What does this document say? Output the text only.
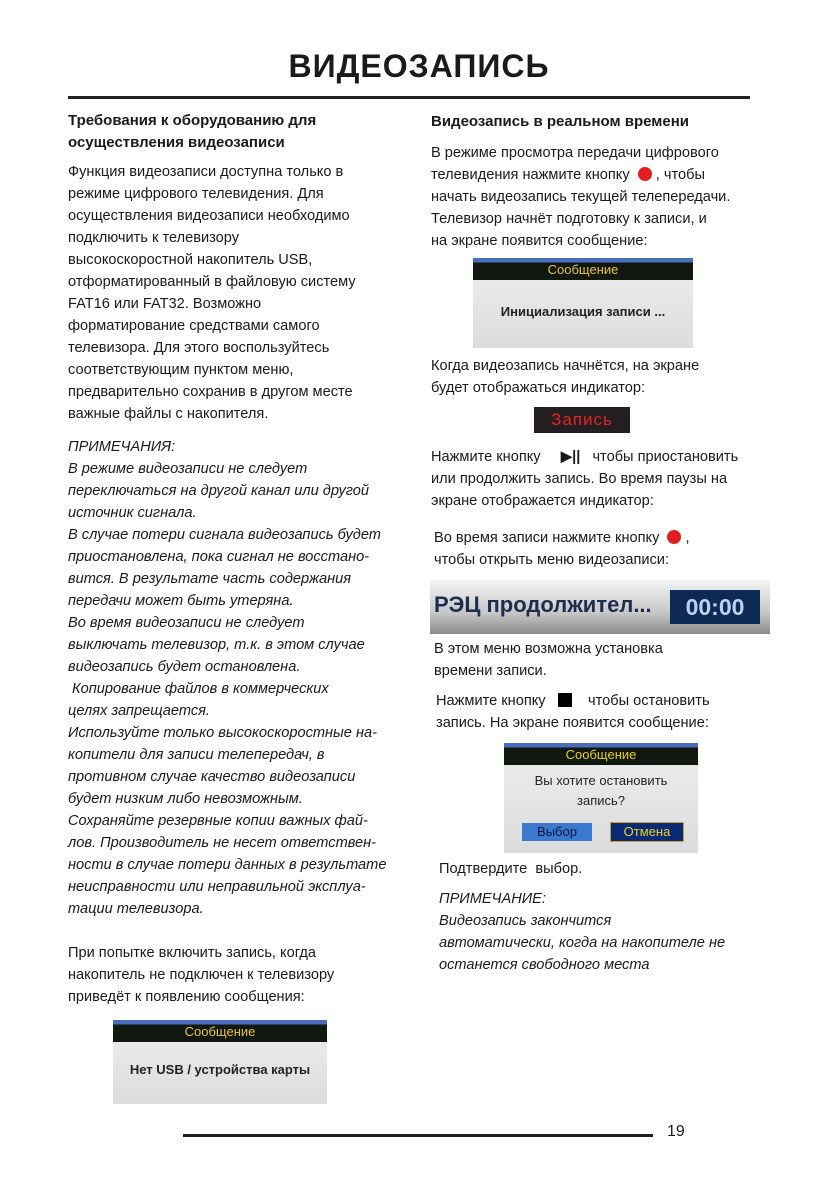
ВИДЕОЗАПИСЬ
Требования к оборудованию для
осуществления видеозаписи
Функция видеозаписи доступна только в
режиме цифрового телевидения. Для
осуществления видеозаписи необходимо
подключить к телевизору
высокоскоростной накопитель USB,
отформатированный в файловую систему
FAT16 или FAT32. Возможно
форматирование средствами самого
телевизора. Для этого воспользуйтесь
соответствующим пунктом меню,
предварительно сохранив в другом месте
важные файлы с накопителя.
ПРИМЕЧАНИЯ:
В режиме видеозаписи не следует
переключаться на другой канал или другой
источник сигнала.
В случае потери сигнала видеозапись будет
приостановлена, пока сигнал не восстано-
вится. В результате часть содержания
передачи может быть утеряна.
Во время видеозаписи не следует
выключать телевизор, т.к. в этом случае
видеозапись будет остановлена.
Копирование файлов в коммерческих
целях запрещается.
Используйте только высокоскоростные на-
копители для записи телепередач, в
противном случае качество видеозаписи
будет низким либо невозможным.
Сохраняйте резервные копии важных фай-
лов. Производитель не несет ответствен-
ности в случае потери данных в результате
неисправности или неправильной эксплуа-
тации телевизора.
При попытке включить запись, когда
накопитель не подключен к телевизору
приведёт к появлению сообщения:
Сообщение
Нет USB / устройства карты
Видеозапись в реальном времени
В режиме просмотра передачи цифрового
телевидения нажмите кнопку , чтобы
начать видеозапись текущей телепередачи.
Телевизор начнёт подготовку к записи, и
на экране появится сообщение:
Сообщение
Инициализация записи ...
Когда видеозапись начнётся, на экране
будет отображаться индикатор:
Запись
Нажмите кнопку ▶|| чтобы приостановить
или продолжить запись. Во время паузы на
экране отображается индикатор:
Во время записи нажмите кнопку ,
чтобы открыть меню видеозаписи:
РЭЦ продолжител...	00:00
В этом меню возможна установка
времени записи.
Нажмите кнопку	чтобы остановить
запись. На экране появится сообщение:
Сообщение
Вы хотите остановить
запись?
Выбор	Отмена
Подтвердите  выбор.
ПРИМЕЧАНИЕ:
Видеозапись закончится
автоматически, когда на накопителе не
останется свободного места
19
